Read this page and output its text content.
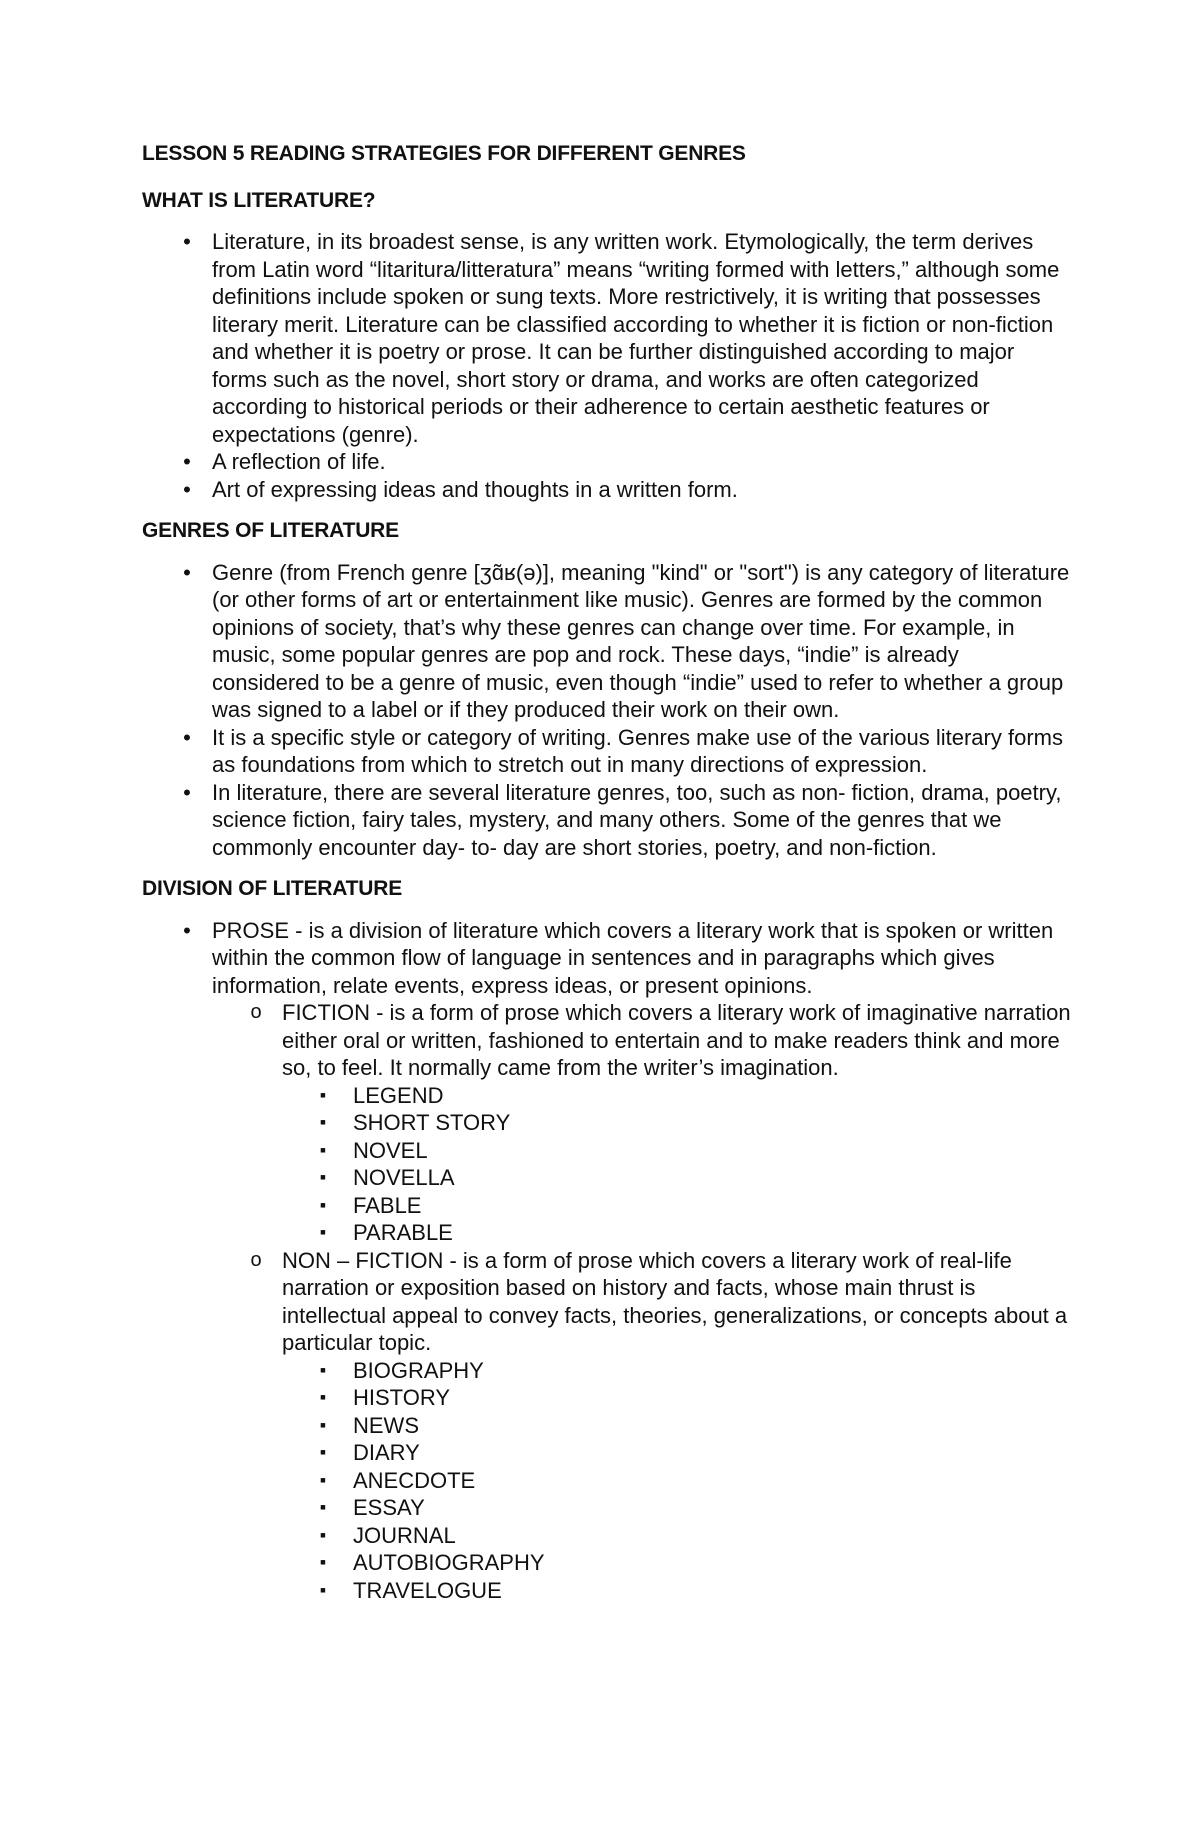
LESSON 5 READING STRATEGIES FOR DIFFERENT GENRES
WHAT IS LITERATURE?
• Literature, in its broadest sense, is any written work. Etymologically, the term derives from Latin word “litaritura/litteratura” means “writing formed with letters,” although some definitions include spoken or sung texts. More restrictively, it is writing that possesses literary merit. Literature can be classified according to whether it is fiction or non-fiction and whether it is poetry or prose. It can be further distinguished according to major forms such as the novel, short story or drama, and works are often categorized according to historical periods or their adherence to certain aesthetic features or expectations (genre).
• A reflection of life.
• Art of expressing ideas and thoughts in a written form.
GENRES OF LITERATURE
• Genre (from French genre [ʒɑ̃ʁ(ə)], meaning "kind" or "sort") is any category of literature (or other forms of art or entertainment like music). Genres are formed by the common opinions of society, that’s why these genres can change over time. For example, in music, some popular genres are pop and rock. These days, “indie” is already considered to be a genre of music, even though “indie” used to refer to whether a group was signed to a label or if they produced their work on their own.
• It is a specific style or category of writing. Genres make use of the various literary forms as foundations from which to stretch out in many directions of expression.
• In literature, there are several literature genres, too, such as non- fiction, drama, poetry, science fiction, fairy tales, mystery, and many others. Some of the genres that we commonly encounter day- to- day are short stories, poetry, and non-fiction.
DIVISION OF LITERATURE
• PROSE - is a division of literature which covers a literary work that is spoken or written within the common flow of language in sentences and in paragraphs which gives information, relate events, express ideas, or present opinions.
o FICTION - is a form of prose which covers a literary work of imaginative narration either oral or written, fashioned to entertain and to make readers think and more so, to feel. It normally came from the writer’s imagination.
▪ LEGEND
▪ SHORT STORY
▪ NOVEL
▪ NOVELLA
▪ FABLE
▪ PARABLE
o NON – FICTION - is a form of prose which covers a literary work of real-life narration or exposition based on history and facts, whose main thrust is intellectual appeal to convey facts, theories, generalizations, or concepts about a particular topic.
▪ BIOGRAPHY
▪ HISTORY
▪ NEWS
▪ DIARY
▪ ANECDOTE
▪ ESSAY
▪ JOURNAL
▪ AUTOBIOGRAPHY
▪ TRAVELOGUE
